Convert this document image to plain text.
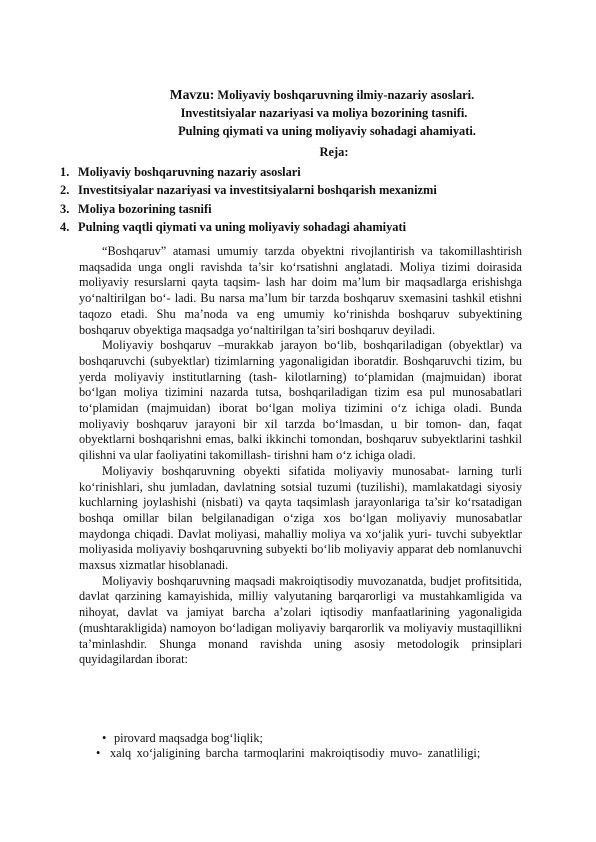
Mavzu: Moliyaviy boshqaruvning ilmiy-nazariy asoslari.
Investitsiyalar nazariyasi va moliya bozorining tasnifi.
Pulning qiymati va uning moliyaviy sohadagi ahamiyati.
Reja:
1. Moliyaviy boshqaruvning nazariy asoslari
2. Investitsiyalar nazariyasi va investitsiyalarni boshqarish mexanizmi
3. Moliya bozorining tasnifi
4. Pulning vaqtli qiymati va uning moliyaviy sohadagi ahamiyati

“Boshqaruv” atamasi umumiy tarzda obyektni rivojlantirish va takomillashtirish maqsadida unga ongli ravishda ta’sir ko‘rsatishni anglatadi. Moliya tizimi doirasida moliyaviy resurslarni qayta taqsim- lash har doim ma’lum bir maqsadlarga erishishga yo‘naltirilgan bo‘- ladi. Bu narsa ma’lum bir tarzda boshqaruv sxemasini tashkil etishni taqozo etadi. Shu ma’noda va eng umumiy ko‘rinishda boshqaruv subyektining boshqaruv obyektiga maqsadga yo‘naltirilgan ta’siri boshqaruv deyiladi.

Moliyaviy boshqaruv –murakkab jarayon bo‘lib, boshqariladigan (obyektlar) va boshqaruvchi (subyektlar) tizimlarning yagonaligidan iboratdir. Boshqaruvchi tizim, bu yerda moliyaviy institutlarning (tash- kilotlarning) to‘plamidan (majmuidan) iborat bo‘lgan moliya tizimini nazarda tutsa, boshqariladigan tizim esa pul munosabatlari to‘plamidan (majmuidan) iborat bo‘lgan moliya tizimini o‘z ichiga oladi. Bunda moliyaviy boshqaruv jarayoni bir xil tarzda bo‘lmasdan, u bir tomon- dan, faqat obyektlarni boshqarishni emas, balki ikkinchi tomondan, boshqaruv subyektlarini tashkil qilishni va ular faoliyatini takomillash- tirishni ham o‘z ichiga oladi.

Moliyaviy boshqaruvning obyekti sifatida moliyaviy munosabat- larning turli ko‘rinishlari, shu jumladan, davlatning sotsial tuzumi (tuzilishi), mamlakatdagi siyosiy kuchlarning joylashishi (nisbati) va qayta taqsimlash jarayonlariga ta’sir ko‘rsatadigan boshqa omillar bilan belgilanadigan o‘ziga xos bo‘lgan moliyaviy munosabatlar maydonga chiqadi. Davlat moliyasi, mahalliy moliya va xo‘jalik yuri- tuvchi subyektlar moliyasida moliyaviy boshqaruvning subyekti bo‘lib moliyaviy apparat deb nomlanuvchi maxsus xizmatlar hisoblanadi.

Moliyaviy boshqaruvning maqsadi makroiqtisodiy muvozanatda, budjet profitsitida, davlat qarzining kamayishida, milliy valyutaning barqarorligi va mustahkamligida va nihoyat, davlat va jamiyat barcha a’zolari iqtisodiy manfaatlarining yagonaligida (mushtarakligida) namoyon bo‘ladigan moliyaviy barqarorlik va moliyaviy mustaqillikni ta’minlashdir. Shunga monand ravishda uning asosiy metodologik prinsiplari quyidagilardan iborat:

• pirovard maqsadga bog‘liqlik;
• xalq xo‘jaligining barcha tarmoqlarini makroiqtisodiy muvo- zanatliligi;
